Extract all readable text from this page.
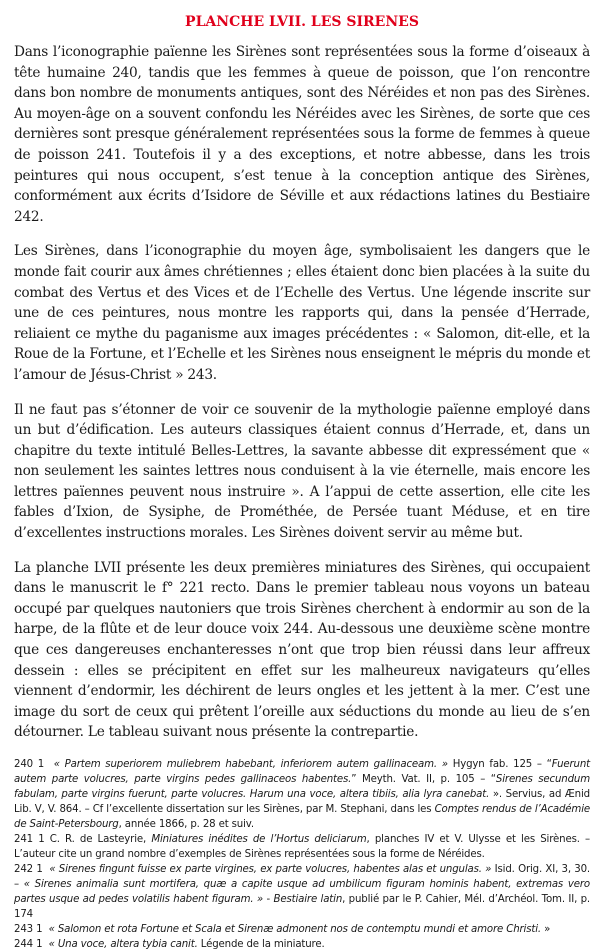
PLANCHE LVII. LES SIRENES

Dans l’iconographie païenne les Sirènes sont représentées sous la forme d’oiseaux à tête humaine 240, tandis que les femmes à queue de poisson, que l’on rencontre dans bon nombre de monuments antiques, sont des Néréides et non pas des Sirènes. Au moyen-âge on a souvent confondu les Néréides avec les Sirènes, de sorte que ces dernières sont presque généralement représentées sous la forme de femmes à queue de poisson 241. Toutefois il y a des exceptions, et notre abbesse, dans les trois peintures qui nous occupent, s’est tenue à la conception antique des Sirènes, conformément aux écrits d’Isidore de Séville et aux rédactions latines du Bestiaire 242.

Les Sirènes, dans l’iconographie du moyen âge, symbolisaient les dangers que le monde fait courir aux âmes chrétiennes ; elles étaient donc bien placées à la suite du combat des Vertus et des Vices et de l’Echelle des Vertus. Une légende inscrite sur une de ces peintures, nous montre les rapports qui, dans la pensée d’Herrade, reliaient ce mythe du paganisme aux images précédentes : « Salomon, dit-elle, et la Roue de la Fortune, et l’Echelle et les Sirènes nous enseignent le mépris du monde et l’amour de Jésus-Christ » 243.

Il ne faut pas s’étonner de voir ce souvenir de la mythologie païenne employé dans un but d’édification. Les auteurs classiques étaient connus d’Herrade, et, dans un chapitre du texte intitulé Belles-Lettres, la savante abbesse dit expressément que « non seulement les saintes lettres nous conduisent à la vie éternelle, mais encore les lettres païennes peuvent nous instruire ». A l’appui de cette assertion, elle cite les fables d’Ixion, de Sysiphe, de Prométhée, de Persée tuant Méduse, et en tire d’excellentes instructions morales. Les Sirènes doivent servir au même but.

La planche LVII présente les deux premières miniatures des Sirènes, qui occupaient dans le manuscrit le f° 221 recto. Dans le premier tableau nous voyons un bateau occupé par quelques nautoniers que trois Sirènes cherchent à endormir au son de la harpe, de la flûte et de leur douce voix 244. Au-dessous une deuxième scène montre que ces dangereuses enchanteresses n’ont que trop bien réussi dans leur affreux dessein : elles se précipitent en effet sur les malheureux navigateurs qu’elles viennent d’endormir, les déchirent de leurs ongles et les jettent à la mer. C’est une image du sort de ceux qui prêtent l’oreille aux séductions du monde au lieu de s’en détourner. Le tableau suivant nous présente la contrepartie.

240 1 « Partem superiorem muliebrem habebant, inferiorem autem gallinaceam. » Hygyn fab. 125 – “Fuerunt autem parte volucres, parte virgins pedes gallinaceos habentes.” Meyth. Vat. II, p. 105 – “Sirenes secundum fabulam, parte virgins fuerunt, parte volucres. Harum una voce, altera tibiis, alia lyra canebat. ». Servius, ad Ænid Lib. V, V. 864. – Cf l’excellente dissertation sur les Sirènes, par M. Stephani, dans les Comptes rendus de l’Académie de Saint-Petersbourg, année 1866, p. 28 et suiv.

241 1 C. R. de Lasteyrie, Miniatures inédites de l’Hortus deliciarum, planches IV et V. Ulysse et les Sirènes. – L’auteur cite un grand nombre d’exemples de Sirènes représentées sous la forme de Néréides.

242 1 « Sirenes fingunt fuisse ex parte virgines, ex parte volucres, habentes alas et ungulas. » Isid. Orig. XI, 3, 30. – « Sirenes animalia sunt mortifera, quæ a capite usque ad umbilicum figuram hominis habent, extremas vero partes usque ad pedes volatilis habent figuram. » - Bestiaire latin, publié par le P. Cahier, Mél. d’Archéol. Tom. II, p. 174

243 1 « Salomon et rota Fortune et Scala et Sirenæ admonent nos de contemptu mundi et amore Christi. »

244 1 « Una voce, altera tybia canit. Légende de la miniature.
